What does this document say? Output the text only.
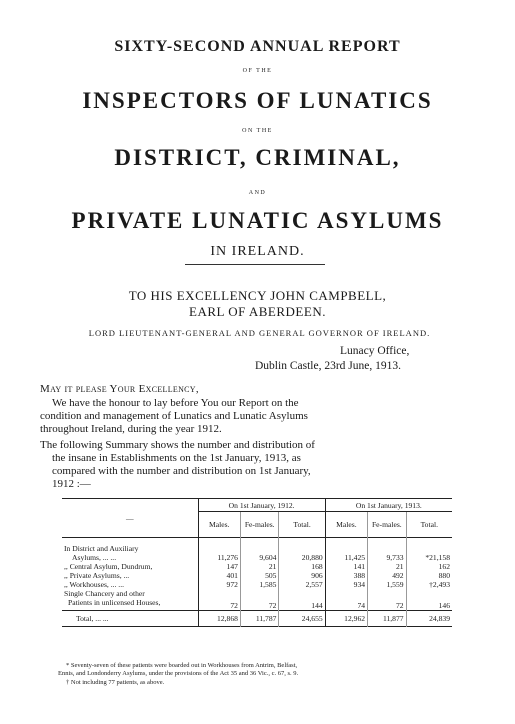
SIXTY-SECOND ANNUAL REPORT
OF THE
INSPECTORS OF LUNATICS
ON THE
DISTRICT, CRIMINAL,
AND
PRIVATE LUNATIC ASYLUMS
IN IRELAND.
TO HIS EXCELLENCY JOHN CAMPBELL,
EARL OF ABERDEEN.
LORD LIEUTENANT-GENERAL AND GENERAL GOVERNOR OF IRELAND.
Lunacy Office,
Dublin Castle, 23rd June, 1913.
May it please Your Excellency,
We have the honour to lay before You our Report on the
condition and management of Lunatics and Lunatic Asylums
throughout Ireland, during the year 1912.
The following Summary shows the number and distribution of
the insane in Establishments on the 1st January, 1913, as
compared with the number and distribution on 1st January,
1912 :—
—	On 1st January, 1912.			On 1st January, 1913.		
	Males.	Fe-males.	Total.	Males.	Fe-males.	Total.

In District and Auxiliary
Asylums, ... ...	11,276	9,604	20,880	11,425	9,733	*21,158
,, Central Asylum, Dundrum,	147	21	168	141	21	162
,, Private Asylums, ...	401	505	906	388	492	880
,, Workhouses, ... ...	972	1,585	2,557	934	1,559	†2,493

Single Chancery and other
Patients in unlicensed Houses,	72	72	144	74	72	146
Total, ... ...	12,868	11,787	24,655	12,962	11,877	24,839
* Seventy-seven of these patients were boarded out in Workhouses from Antrim, Belfast,
Ennis, and Londonderry Asylums, under the provisions of the Act 35 and 36 Vic., c. 67, s. 9.
† Not including 77 patients, as above.
